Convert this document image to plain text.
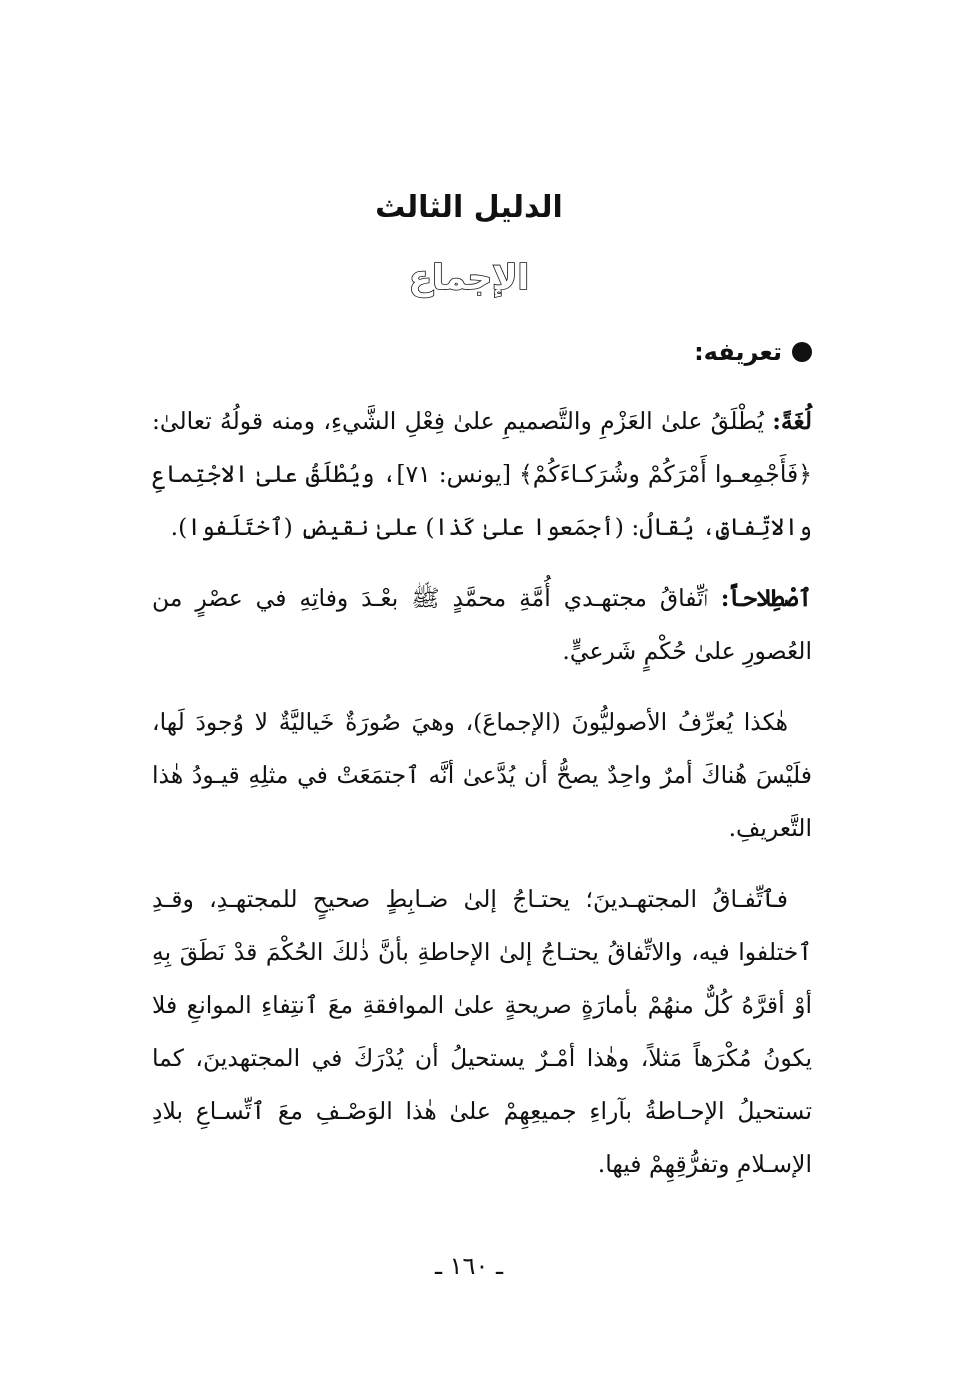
الدليل الثالث
الإجماع
تعريفه:

لُغَةً: يُطْلَقُ علىٰ العَزْمِ والتَّصميمِ علىٰ فِعْلِ الشَّيءِ، ومنه قولُهُ تعالىٰ: ﴿فَأَجْمِعـوا أَمْرَكُمْ وشُرَكـاءَكُمْ﴾ [يونس: ٧١]، ويُطْلَقُ علىٰ الاجْتِماعِ والاتِّفاقِ، يُقالُ: (أجمَعوا علىٰ كَذا) علىٰ نقيضِ (ٱختَلَفوا).

ٱصْطِلاحاً: ٱتِّفاقُ مجتهـدي أُمَّةِ محمَّدٍ ﷺ بعْـدَ وفاتِهِ في عصْرٍ من العُصورِ علىٰ حُكْمٍ شَرعيٍّ.

هٰكذا يُعرِّفُ الأصوليُّونَ (الإجماعَ)، وهيَ صُورَةٌ خَياليَّةٌ لا وُجودَ لَها، فلَيْسَ هُناكَ أمرٌ واحِدٌ يصحُّ أن يُدَّعىٰ أنَّه ٱجتمَعَتْ في مثلِهِ قيـودُ هٰذا التَّعريفِ.

فٱتِّفـاقُ المجتهـدينَ؛ يحتـاجُ إلىٰ ضـابِطٍ صحيحٍ للمجتهـدِ، وقـدِ ٱختلفوا فيه، والاتِّفاقُ يحتـاجُ إلىٰ الإحاطةِ بأنَّ ذٰلكَ الحُكْمَ قدْ نَطَقَ بِهِ أوْ أقرَّهُ كُلٌّ منهُمْ بأمارَةٍ صريحةٍ علىٰ الموافقةِ معَ ٱنتِفاءِ الموانعِ فلا يكونُ مُكْرَهاً مَثلاً، وهٰذا أمْـرٌ يستحيلُ أن يُدْرَكَ في المجتهدينَ، كما تستحيلُ الإحـاطةُ بآراءِ جميعِهِمْ علىٰ هٰذا الوَصْـفِ معَ ٱتِّسـاعِ بلادِ الإسـلامِ وتفرُّقِهِمْ فيها.

ـ ١٦٠ ـ
